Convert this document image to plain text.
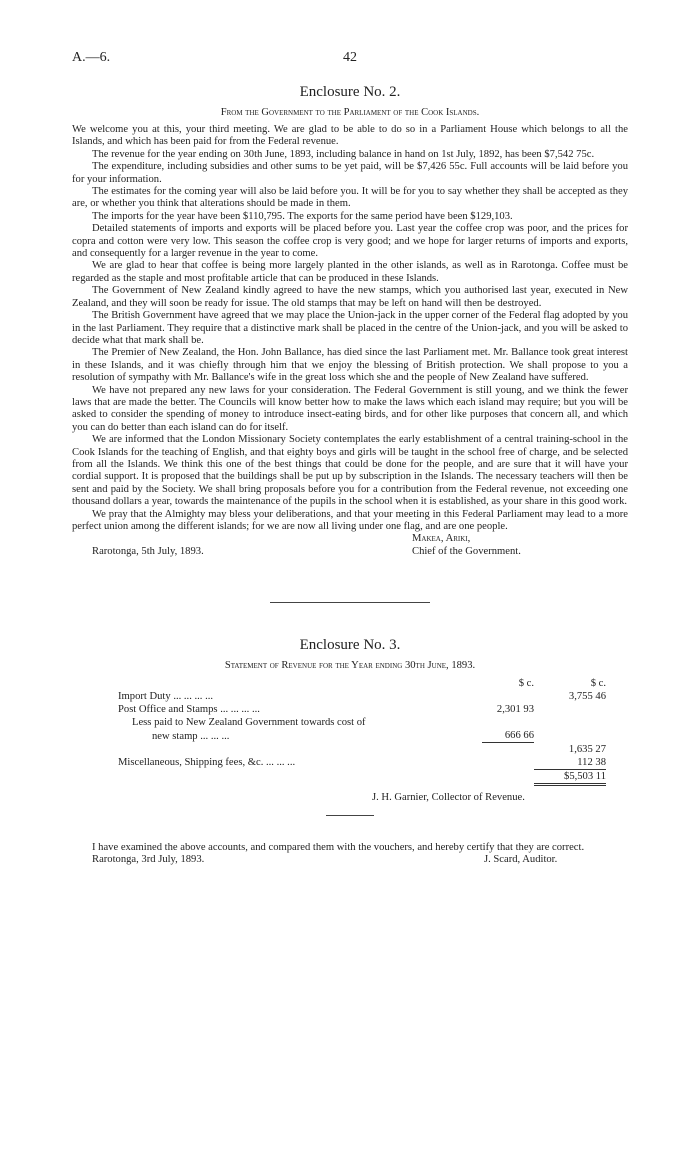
A.—6.	42
Enclosure No. 2.
From the Government to the Parliament of the Cook Islands.

We welcome you at this, your third meeting. We are glad to be able to do so in a Parliament House which belongs to all the Islands, and which has been paid for from the Federal revenue.

The revenue for the year ending on 30th June, 1893, including balance in hand on 1st July, 1892, has been $7,542 75c.

The expenditure, including subsidies and other sums to be yet paid, will be $7,426 55c. Full accounts will be laid before you for your information.

The estimates for the coming year will also be laid before you. It will be for you to say whether they shall be accepted as they are, or whether you think that alterations should be made in them.

The imports for the year have been $110,795. The exports for the same period have been $129,103.

Detailed statements of imports and exports will be placed before you. Last year the coffee crop was poor, and the prices for copra and cotton were very low. This season the coffee crop is very good; and we hope for larger returns of imports and exports, and consequently for a larger revenue in the year to come.

We are glad to hear that coffee is being more largely planted in the other islands, as well as in Rarotonga. Coffee must be regarded as the staple and most profitable article that can be produced in these Islands.

The Government of New Zealand kindly agreed to have the new stamps, which you authorised last year, executed in New Zealand, and they will soon be ready for issue. The old stamps that may be left on hand will then be destroyed.

The British Government have agreed that we may place the Union-jack in the upper corner of the Federal flag adopted by you in the last Parliament. They require that a distinctive mark shall be placed in the centre of the Union-jack, and you will be asked to decide what that mark shall be.

The Premier of New Zealand, the Hon. John Ballance, has died since the last Parliament met. Mr. Ballance took great interest in these Islands, and it was chiefly through him that we enjoy the blessing of British protection. We shall propose to you a resolution of sympathy with Mr. Ballance's wife in the great loss which she and the people of New Zealand have suffered.

We have not prepared any new laws for your consideration. The Federal Government is still young, and we think the fewer laws that are made the better. The Councils will know better how to make the laws which each island may require; but you will be asked to consider the spending of money to introduce insect-eating birds, and for other like purposes that concern all, and which you can do better than each island can do for itself.

We are informed that the London Missionary Society contemplates the early establishment of a central training-school in the Cook Islands for the teaching of English, and that eighty boys and girls will be taught in the school free of charge, and be selected from all the Islands. We think this one of the best things that could be done for the people, and are sure that it will have your cordial support. It is proposed that the buildings shall be put up by subscription in the Islands. The necessary teachers will then be sent and paid by the Society. We shall bring proposals before you for a contribution from the Federal revenue, not exceeding one thousand dollars a year, towards the maintenance of the pupils in the school when it is established, as your share in this good work.

We pray that the Almighty may bless your deliberations, and that your meeting in this Federal Parliament may lead to a more perfect union among the different islands; for we are now all living under one flag, and are one people.

Makea, Ariki,
Rarotonga, 5th July, 1893.	Chief of the Government.
Enclosure No. 3.
Statement of Revenue for the Year ending 30th June, 1893.
	$ c.	$ c.
Import Duty ... ... ... ...		3,755 46
Post Office and Stamps ... ... ... ...	2,301 93	
Less paid to New Zealand Government towards cost of		
new stamp ... ... ...	666 66	
		1,635 27
Miscellaneous, Shipping fees, &c. ... ... ...		112 38
		$5,503 11
J. H. Garnier, Collector of Revenue.

I have examined the above accounts, and compared them with the vouchers, and hereby certify that they are correct.

Rarotonga, 3rd July, 1893.	J. Scard, Auditor.
